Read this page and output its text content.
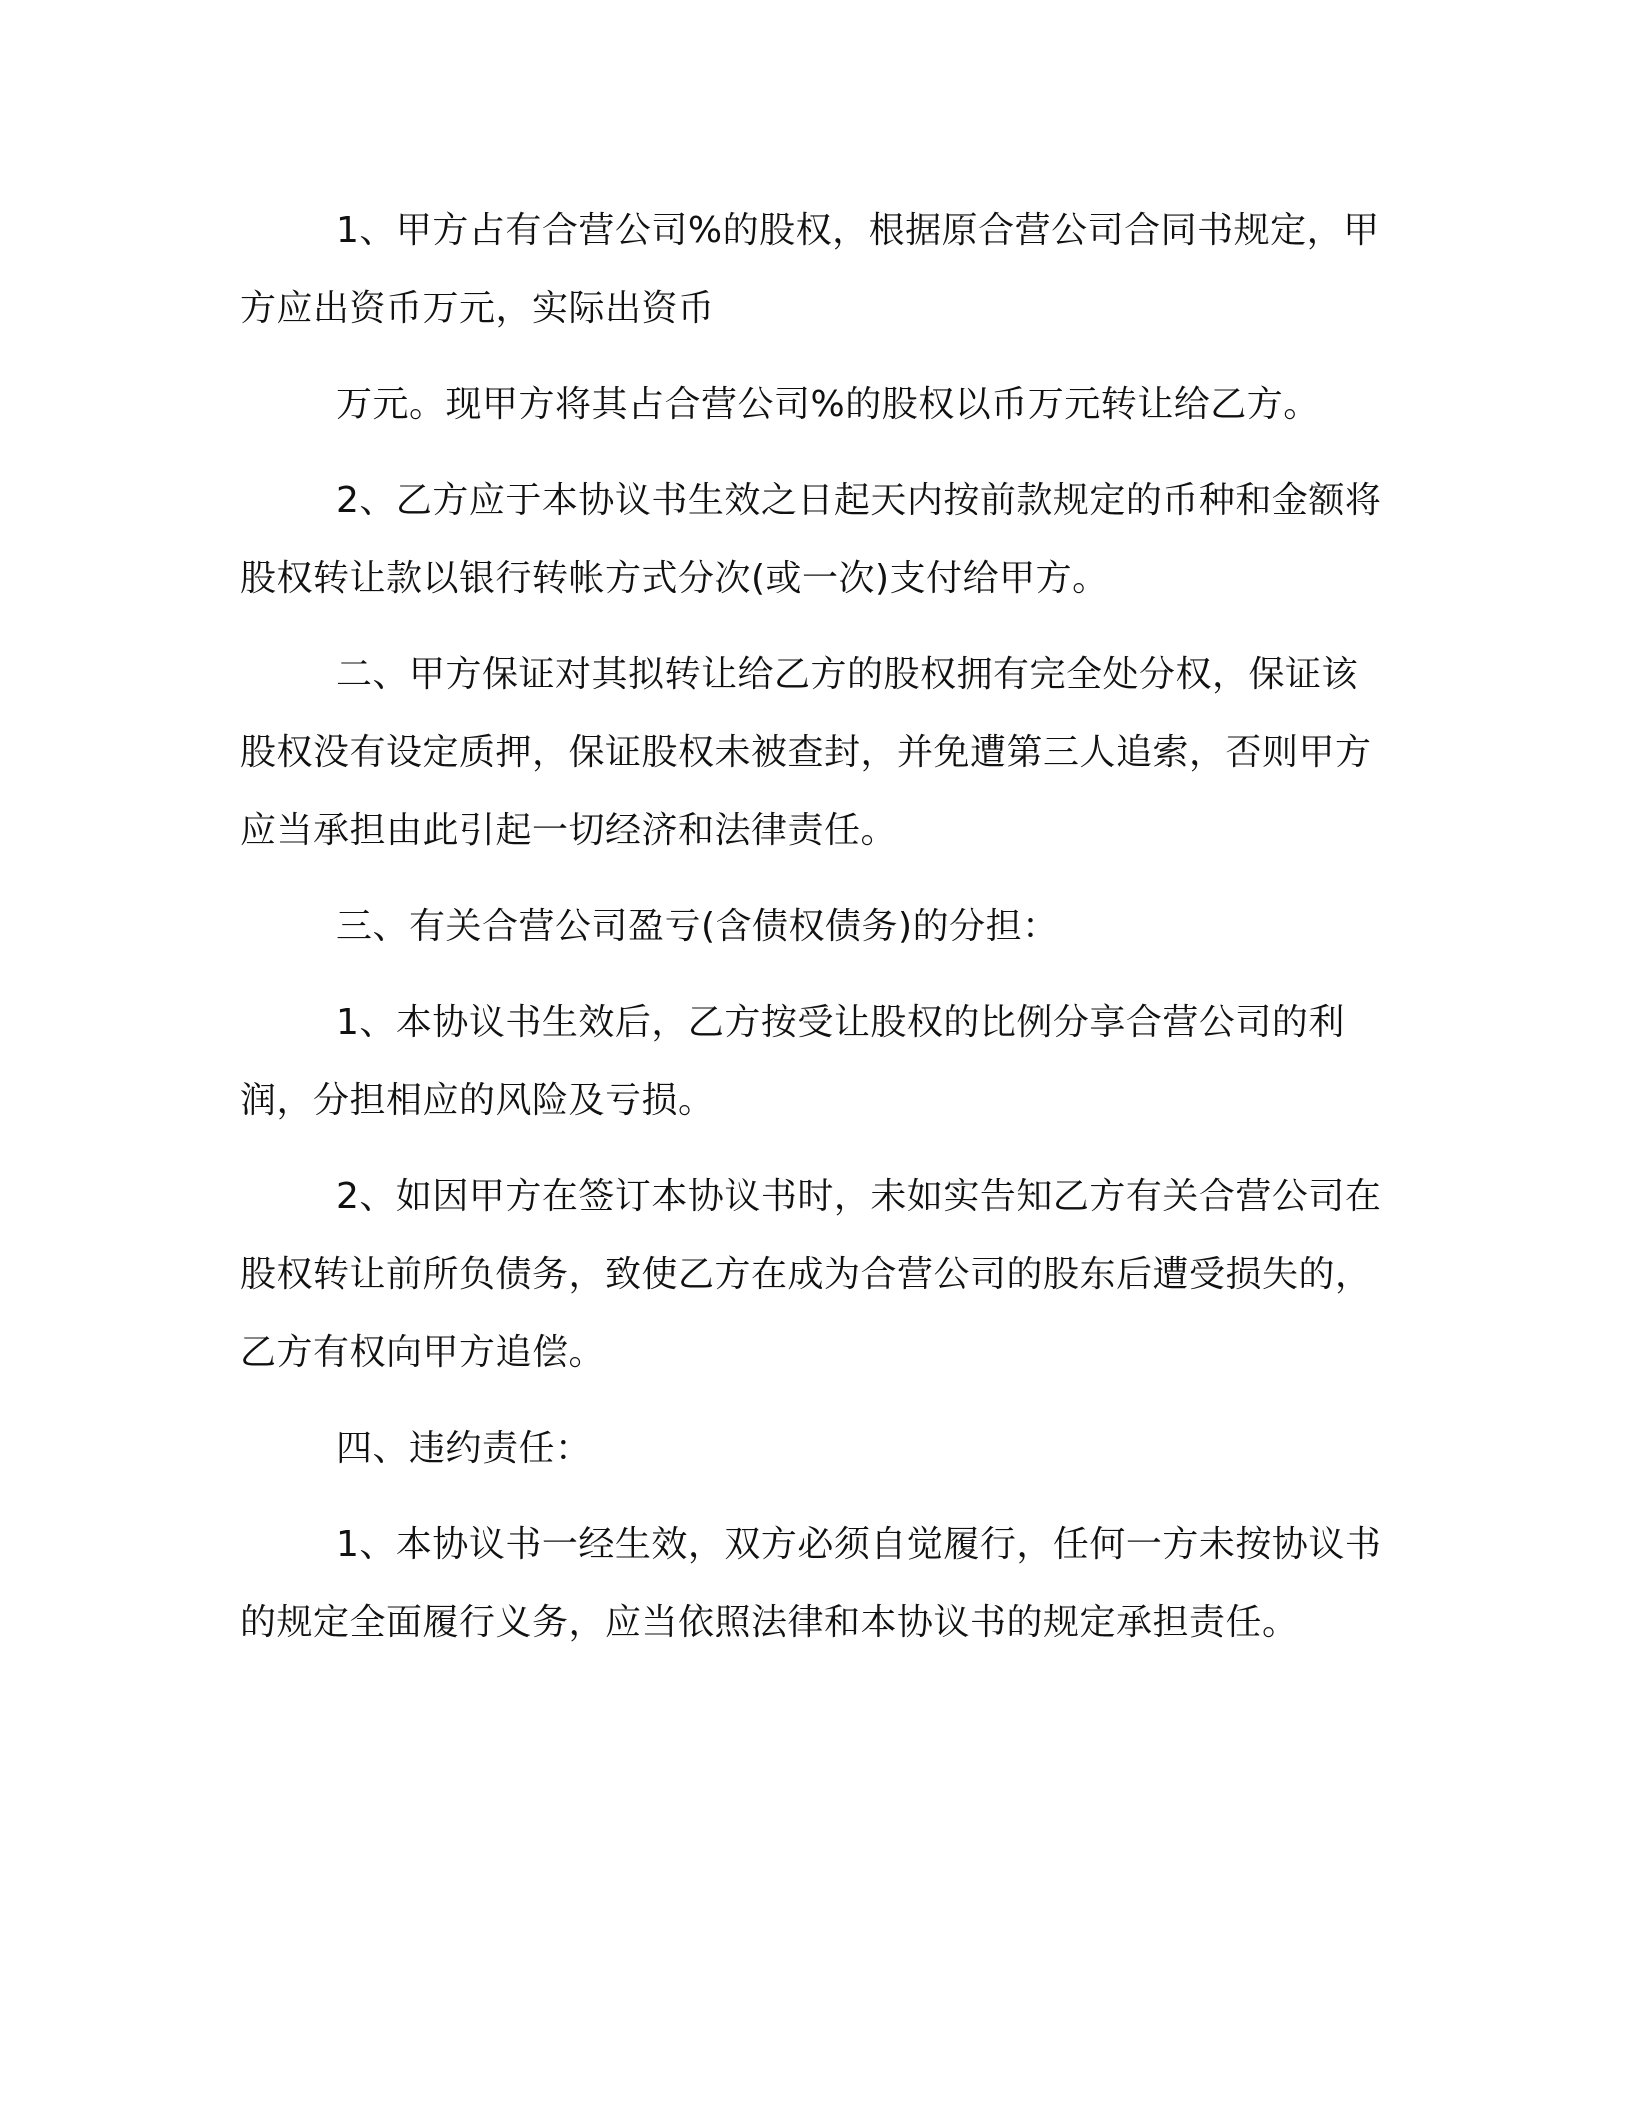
1、甲方占有合营公司%的股权，根据原合营公司合同书规定，甲方应出资币万元，实际出资币

万元。现甲方将其占合营公司%的股权以币万元转让给乙方。

2、乙方应于本协议书生效之日起天内按前款规定的币种和金额将股权转让款以银行转帐方式分次(或一次)支付给甲方。

二、甲方保证对其拟转让给乙方的股权拥有完全处分权，保证该股权没有设定质押，保证股权未被查封，并免遭第三人追索，否则甲方应当承担由此引起一切经济和法律责任。

三、有关合营公司盈亏(含债权债务)的分担：

1、本协议书生效后，乙方按受让股权的比例分享合营公司的利润，分担相应的风险及亏损。

2、如因甲方在签订本协议书时，未如实告知乙方有关合营公司在股权转让前所负债务，致使乙方在成为合营公司的股东后遭受损失的，乙方有权向甲方追偿。

四、违约责任：

1、本协议书一经生效，双方必须自觉履行，任何一方未按协议书的规定全面履行义务，应当依照法律和本协议书的规定承担责任。
